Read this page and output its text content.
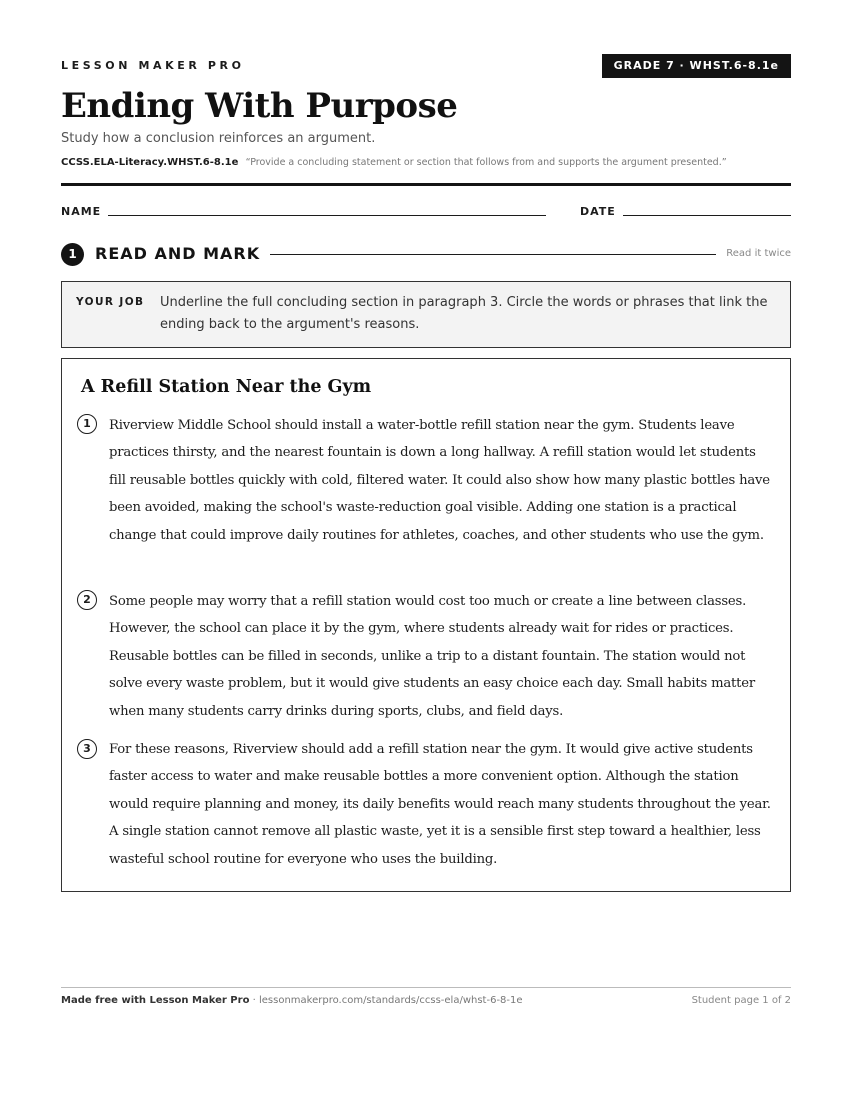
LESSON MAKER PRO	GRADE 7 · WHST.6-8.1e
Ending With Purpose
Study how a conclusion reinforces an argument.
CCSS.ELA-Literacy.WHST.6-8.1e “Provide a concluding statement or section that follows from and supports the argument presented.”
NAME	DATE
1	READ AND MARK	Read it twice
YOUR JOB Underline the full concluding section in paragraph 3. Circle the words or phrases that link the ending back to the argument's reasons.
A Refill Station Near the Gym
1	Riverview Middle School should install a water-bottle refill station near the gym. Students leave practices thirsty, and the nearest fountain is down a long hallway. A refill station would let students fill reusable bottles quickly with cold, filtered water. It could also show how many plastic bottles have been avoided, making the school's waste-reduction goal visible. Adding one station is a practical change that could improve daily routines for athletes, coaches, and other students who use the gym.

2	Some people may worry that a refill station would cost too much or create a line between classes. However, the school can place it by the gym, where students already wait for rides or practices. Reusable bottles can be filled in seconds, unlike a trip to a distant fountain. The station would not solve every waste problem, but it would give students an easy choice each day. Small habits matter when many students carry drinks during sports, clubs, and field days.

3	For these reasons, Riverview should add a refill station near the gym. It would give active students faster access to water and make reusable bottles a more convenient option. Although the station would require planning and money, its daily benefits would reach many students throughout the year. A single station cannot remove all plastic waste, yet it is a sensible first step toward a healthier, less wasteful school routine for everyone who uses the building.

Made free with Lesson Maker Pro · lessonmakerpro.com/standards/ccss-ela/whst-6-8-1e	Student page 1 of 2
